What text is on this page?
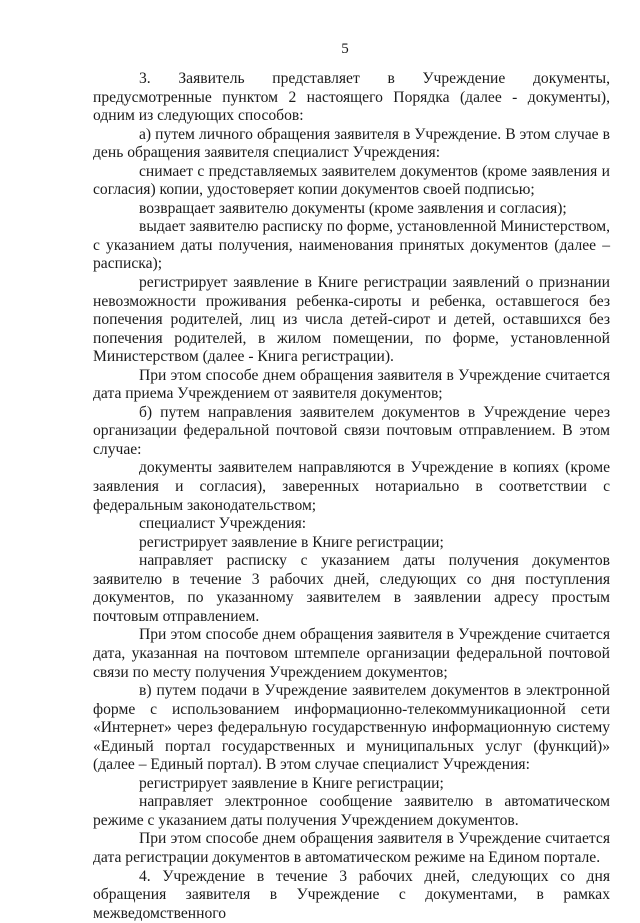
5

3. Заявитель представляет в Учреждение документы, предусмотренные пунктом 2 настоящего Порядка (далее - документы), одним из следующих способов:

а) путем личного обращения заявителя в Учреждение. В этом случае в день обращения заявителя специалист Учреждения:

снимает с представляемых заявителем документов (кроме заявления и согласия) копии, удостоверяет копии документов своей подписью;

возвращает заявителю документы (кроме заявления и согласия);

выдает заявителю расписку по форме, установленной Министерством, с указанием даты получения, наименования принятых документов (далее – расписка);

регистрирует заявление в Книге регистрации заявлений о признании невозможности проживания ребенка-сироты и ребенка, оставшегося без попечения родителей, лиц из числа детей-сирот и детей, оставшихся без попечения родителей, в жилом помещении, по форме, установленной Министерством (далее - Книга регистрации).

При этом способе днем обращения заявителя в Учреждение считается дата приема Учреждением от заявителя документов;

б) путем направления заявителем документов в Учреждение через организации федеральной почтовой связи почтовым отправлением. В этом случае:

документы заявителем направляются в Учреждение в копиях (кроме заявления и согласия), заверенных нотариально в соответствии с федеральным законодательством;

специалист Учреждения:

регистрирует заявление в Книге регистрации;

направляет расписку с указанием даты получения документов заявителю в течение 3 рабочих дней, следующих со дня поступления документов, по указанному заявителем в заявлении адресу простым почтовым отправлением.

При этом способе днем обращения заявителя в Учреждение считается дата, указанная на почтовом штемпеле организации федеральной почтовой связи по месту получения Учреждением документов;

в) путем подачи в Учреждение заявителем документов в электронной форме с использованием информационно-телекоммуникационной сети «Интернет» через федеральную государственную информационную систему «Единый портал государственных и муниципальных услуг (функций)» (далее – Единый портал). В этом случае специалист Учреждения:

регистрирует заявление в Книге регистрации;

направляет электронное сообщение заявителю в автоматическом режиме с указанием даты получения Учреждением документов.

При этом способе днем обращения заявителя в Учреждение считается дата регистрации документов в автоматическом режиме на Едином портале.

4. Учреждение в течение 3 рабочих дней, следующих со дня обращения заявителя в Учреждение с документами, в рамках межведомственного
